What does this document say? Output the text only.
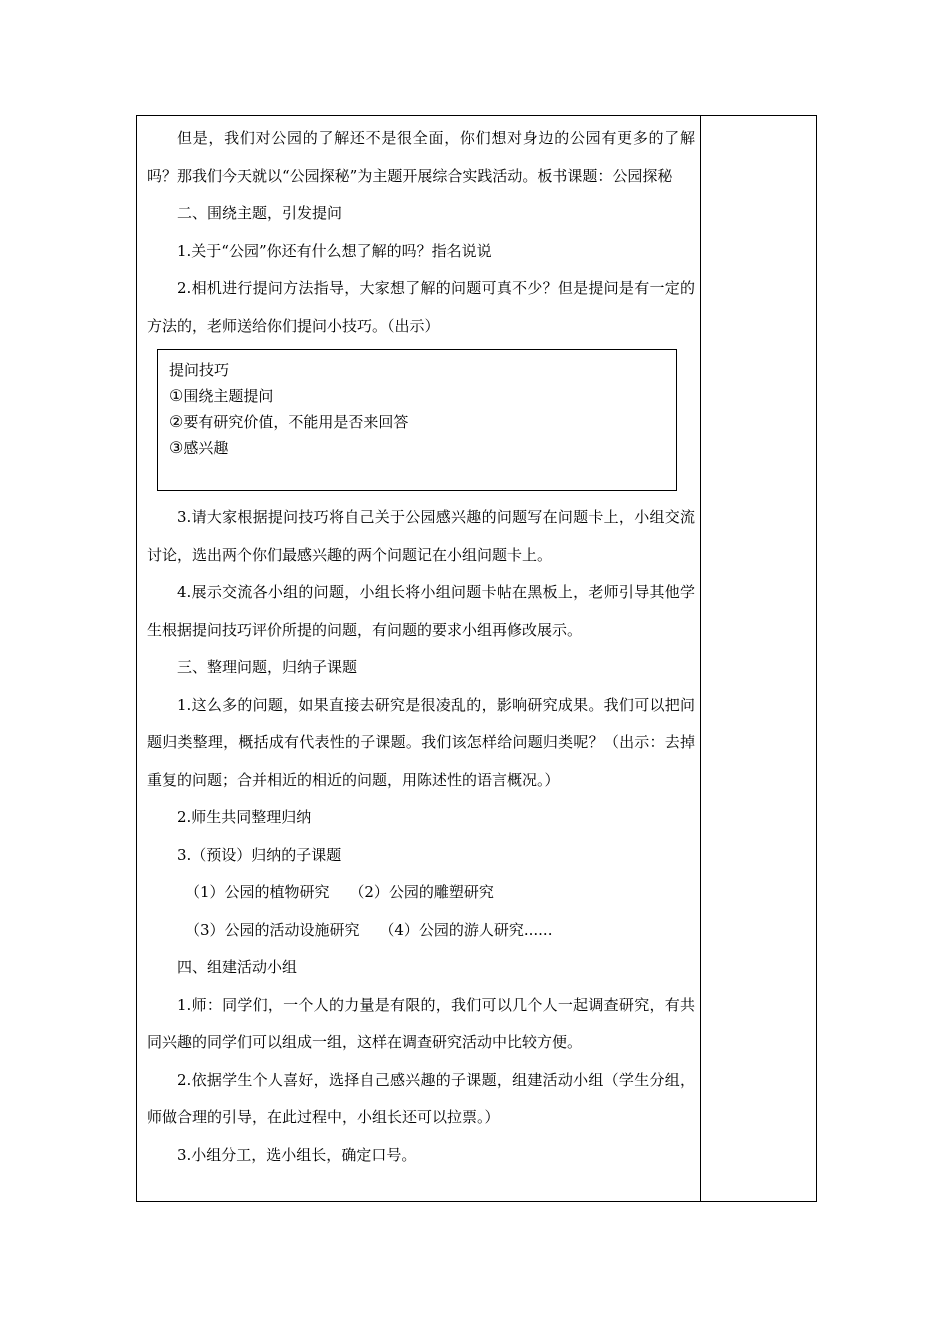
但是，我们对公园的了解还不是很全面，你们想对身边的公园有更多的了解吗？那我们今天就以“公园探秘”为主题开展综合实践活动。板书课题：公园探秘
二、围绕主题，引发提问
1.关于“公园”你还有什么想了解的吗？指名说说
2.相机进行提问方法指导，大家想了解的问题可真不少？但是提问是有一定的方法的，老师送给你们提问小技巧。（出示）
提问技巧
①围绕主题提问
②要有研究价值，不能用是否来回答
③感兴趣
3.请大家根据提问技巧将自己关于公园感兴趣的问题写在问题卡上，小组交流讨论，选出两个你们最感兴趣的两个问题记在小组问题卡上。
4.展示交流各小组的问题，小组长将小组问题卡帖在黑板上，老师引导其他学生根据提问技巧评价所提的问题，有问题的要求小组再修改展示。
三、整理问题，归纳子课题
1.这么多的问题，如果直接去研究是很凌乱的，影响研究成果。我们可以把问题归类整理，概括成有代表性的子课题。我们该怎样给问题归类呢？（出示：去掉重复的问题；合并相近的相近的问题，用陈述性的语言概况。）
2.师生共同整理归纳
3.（预设）归纳的子课题
（1）公园的植物研究　 （2）公园的雕塑研究
（3）公园的活动设施研究　 （4）公园的游人研究......
四、组建活动小组
1.师：同学们，一个人的力量是有限的，我们可以几个人一起调查研究，有共同兴趣的同学们可以组成一组，这样在调查研究活动中比较方便。
2.依据学生个人喜好，选择自己感兴趣的子课题，组建活动小组（学生分组，师做合理的引导，在此过程中，小组长还可以拉票。）
3.小组分工，选小组长，确定口号。
